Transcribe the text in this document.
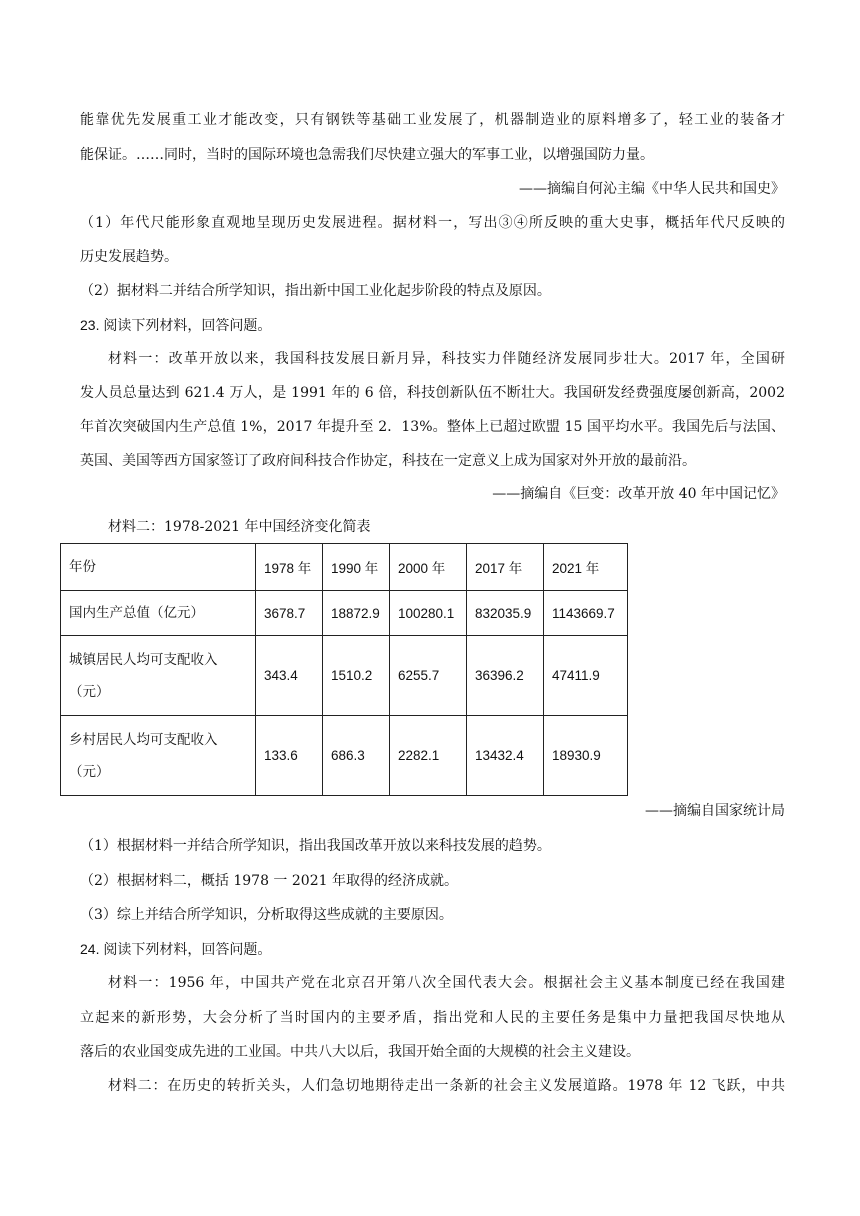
能靠优先发展重工业才能改变，只有钢铁等基础工业发展了，机器制造业的原料增多了，轻工业的装备才
能保证。……同时，当时的国际环境也急需我们尽快建立强大的军事工业，以增强国防力量。
——摘编自何沁主编《中华人民共和国史》
（1）年代尺能形象直观地呈现历史发展进程。据材料一，写出③④所反映的重大史事，概括年代尺反映的
历史发展趋势。
（2）据材料二并结合所学知识，指出新中国工业化起步阶段的特点及原因。
23. 阅读下列材料，回答问题。
材料一：改革开放以来，我国科技发展日新月异，科技实力伴随经济发展同步壮大。2017 年，全国研
发人员总量达到 621.4 万人，是 1991 年的 6 倍，科技创新队伍不断壮大。我国研发经费强度屡创新高，2002
年首次突破国内生产总值 1%，2017 年提升至 2．13%。整体上已超过欧盟 15 国平均水平。我国先后与法国、
英国、美国等西方国家签订了政府间科技合作协定，科技在一定意义上成为国家对外开放的最前沿。
——摘编自《巨变：改革开放 40 年中国记忆》
材料二：1978-2021 年中国经济变化简表
年份	1978 年	1990 年	2000 年	2017 年	2021 年
国内生产总值（亿元）	3678.7	18872.9	100280.1	832035.9	1143669.7

城镇居民人均可支配收入
（元）	343.4	1510.2	6255.7	36396.2	47411.9

乡村居民人均可支配收入
（元）	133.6	686.3	2282.1	13432.4	18930.9
——摘编自国家统计局
（1）根据材料一并结合所学知识，指出我国改革开放以来科技发展的趋势。
（2）根据材料二，概括 1978 一 2021 年取得的经济成就。
（3）综上并结合所学知识，分析取得这些成就的主要原因。
24. 阅读下列材料，回答问题。
材料一：1956 年，中国共产党在北京召开第八次全国代表大会。根据社会主义基本制度已经在我国建
立起来的新形势，大会分析了当时国内的主要矛盾，指出党和人民的主要任务是集中力量把我国尽快地从
落后的农业国变成先进的工业国。中共八大以后，我国开始全面的大规模的社会主义建设。
材料二：在历史的转折关头，人们急切地期待走出一条新的社会主义发展道路。1978 年 12 飞跃，中共
